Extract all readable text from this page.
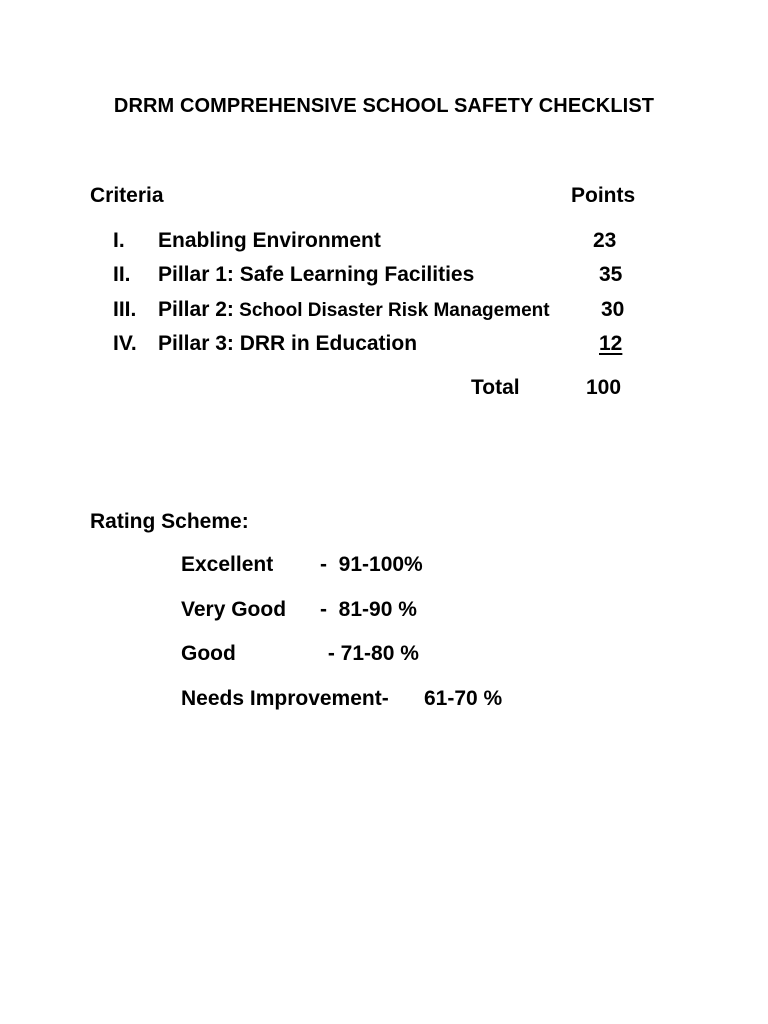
DRRM COMPREHENSIVE SCHOOL SAFETY CHECKLIST
Criteria	Points
I. Enabling Environment	23
II. Pillar 1: Safe Learning Facilities	35
III. Pillar 2: School Disaster Risk Management 30
IV. Pillar 3: DRR in Education	12
Total	100
Rating Scheme:
Excellent -  91-100%
Very Good -  81-90 %
Good	- 71-80 %
Needs Improvement- 61-70 %
